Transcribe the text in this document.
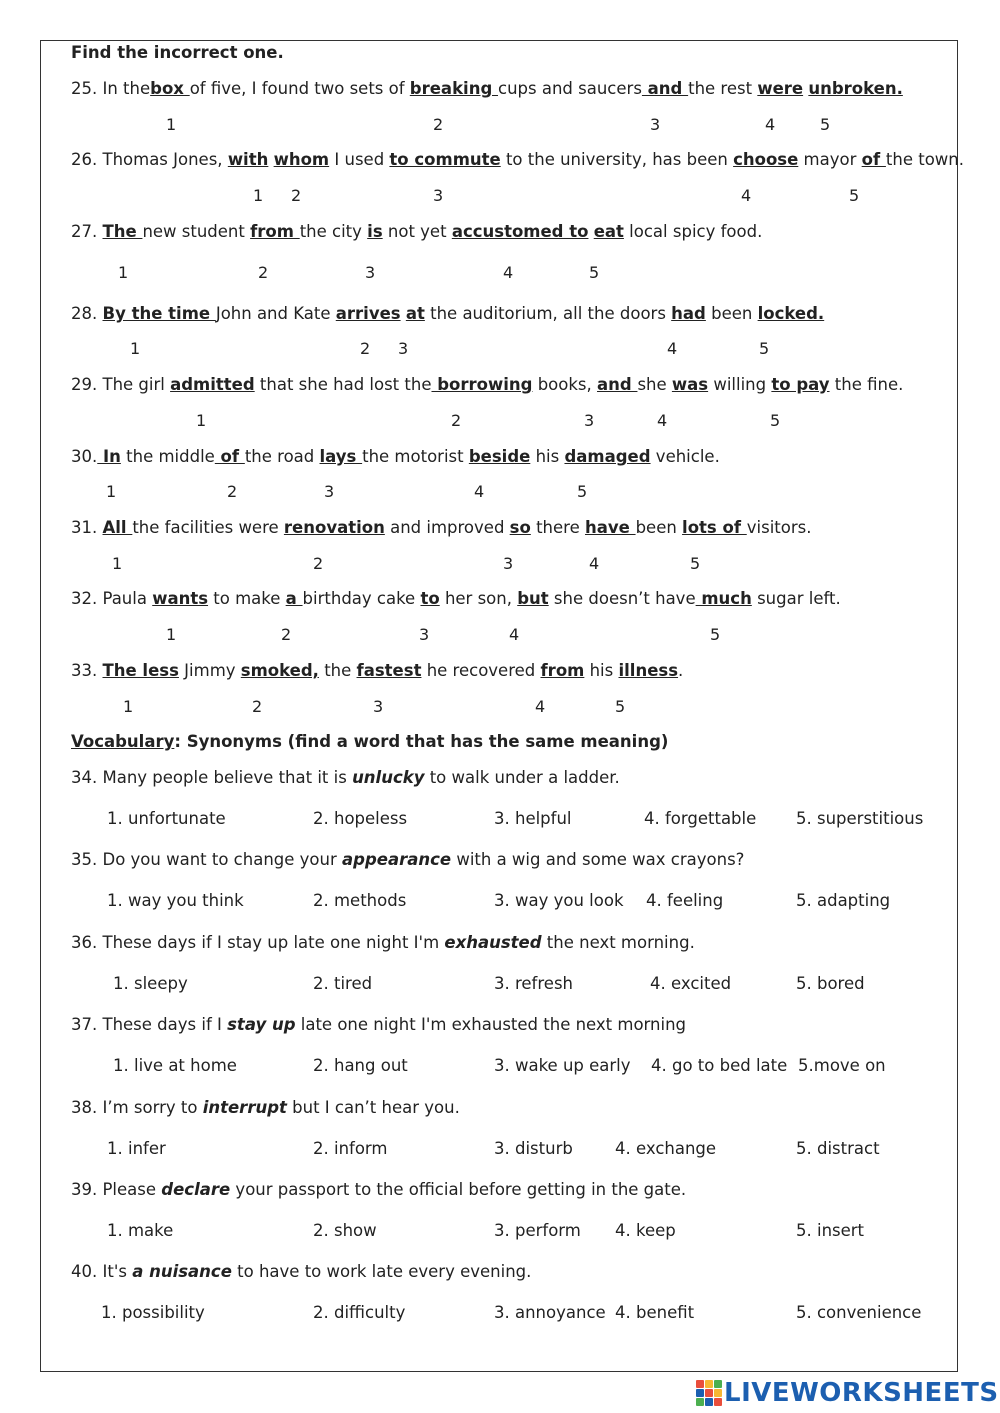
Find the incorrect one.
25. In thebox of five, I found two sets of breaking cups and saucers and the rest were unbroken.
1	2	3	4	5
26. Thomas Jones, with whom I used to commute to the university, has been choose mayor of the town.
1 2	3	4	5
27. The new student from the city is not yet accustomed to eat local spicy food.
1	2	3	4	5
28. By the time John and Kate arrives at the auditorium, all the doors had been locked.
1	2 3	4	5
29. The girl admitted that she had lost the borrowing books, and she was willing to pay the fine.
1	2	3	4	5
30. In the middle of the road lays the motorist beside his damaged vehicle.
1	2	3	4	5
31. All the facilities were renovation and improved so there have been lots of visitors.
1	2	3	4	5
32. Paula wants to make a birthday cake to her son, but she doesn’t have much sugar left.
1	2	3	4	5
33. The less Jimmy smoked, the fastest he recovered from his illness.
1	2	3	4	5
Vocabulary: Synonyms (find a word that has the same meaning)
34. Many people believe that it is unlucky to walk under a ladder.
1. unfortunate	2. hopeless	3. helpful	4. forgettable 5. superstitious
35. Do you want to change your appearance with a wig and some wax crayons?
1. way you think	2. methods	3. way you look 4. feeling	5. adapting
36. These days if I stay up late one night I'm exhausted the next morning.
1. sleepy	2. tired	3. refresh	4. excited	5. bored
37. These days if I stay up late one night I'm exhausted the next morning
1. live at home	2. hang out	3. wake up early 4. go to bed late 5.move on
38. I’m sorry to interrupt but I can’t hear you.
1. infer	2. inform	3. disturb	4. exchange	5. distract
39. Please declare your passport to the official before getting in the gate.
1. make	2. show	3. perform 4. keep	5. insert
40. It's a nuisance to have to work late every evening.
1. possibility	2. difficulty	3. annoyance 4. benefit	5. convenience
LIVEWORKSHEETS
